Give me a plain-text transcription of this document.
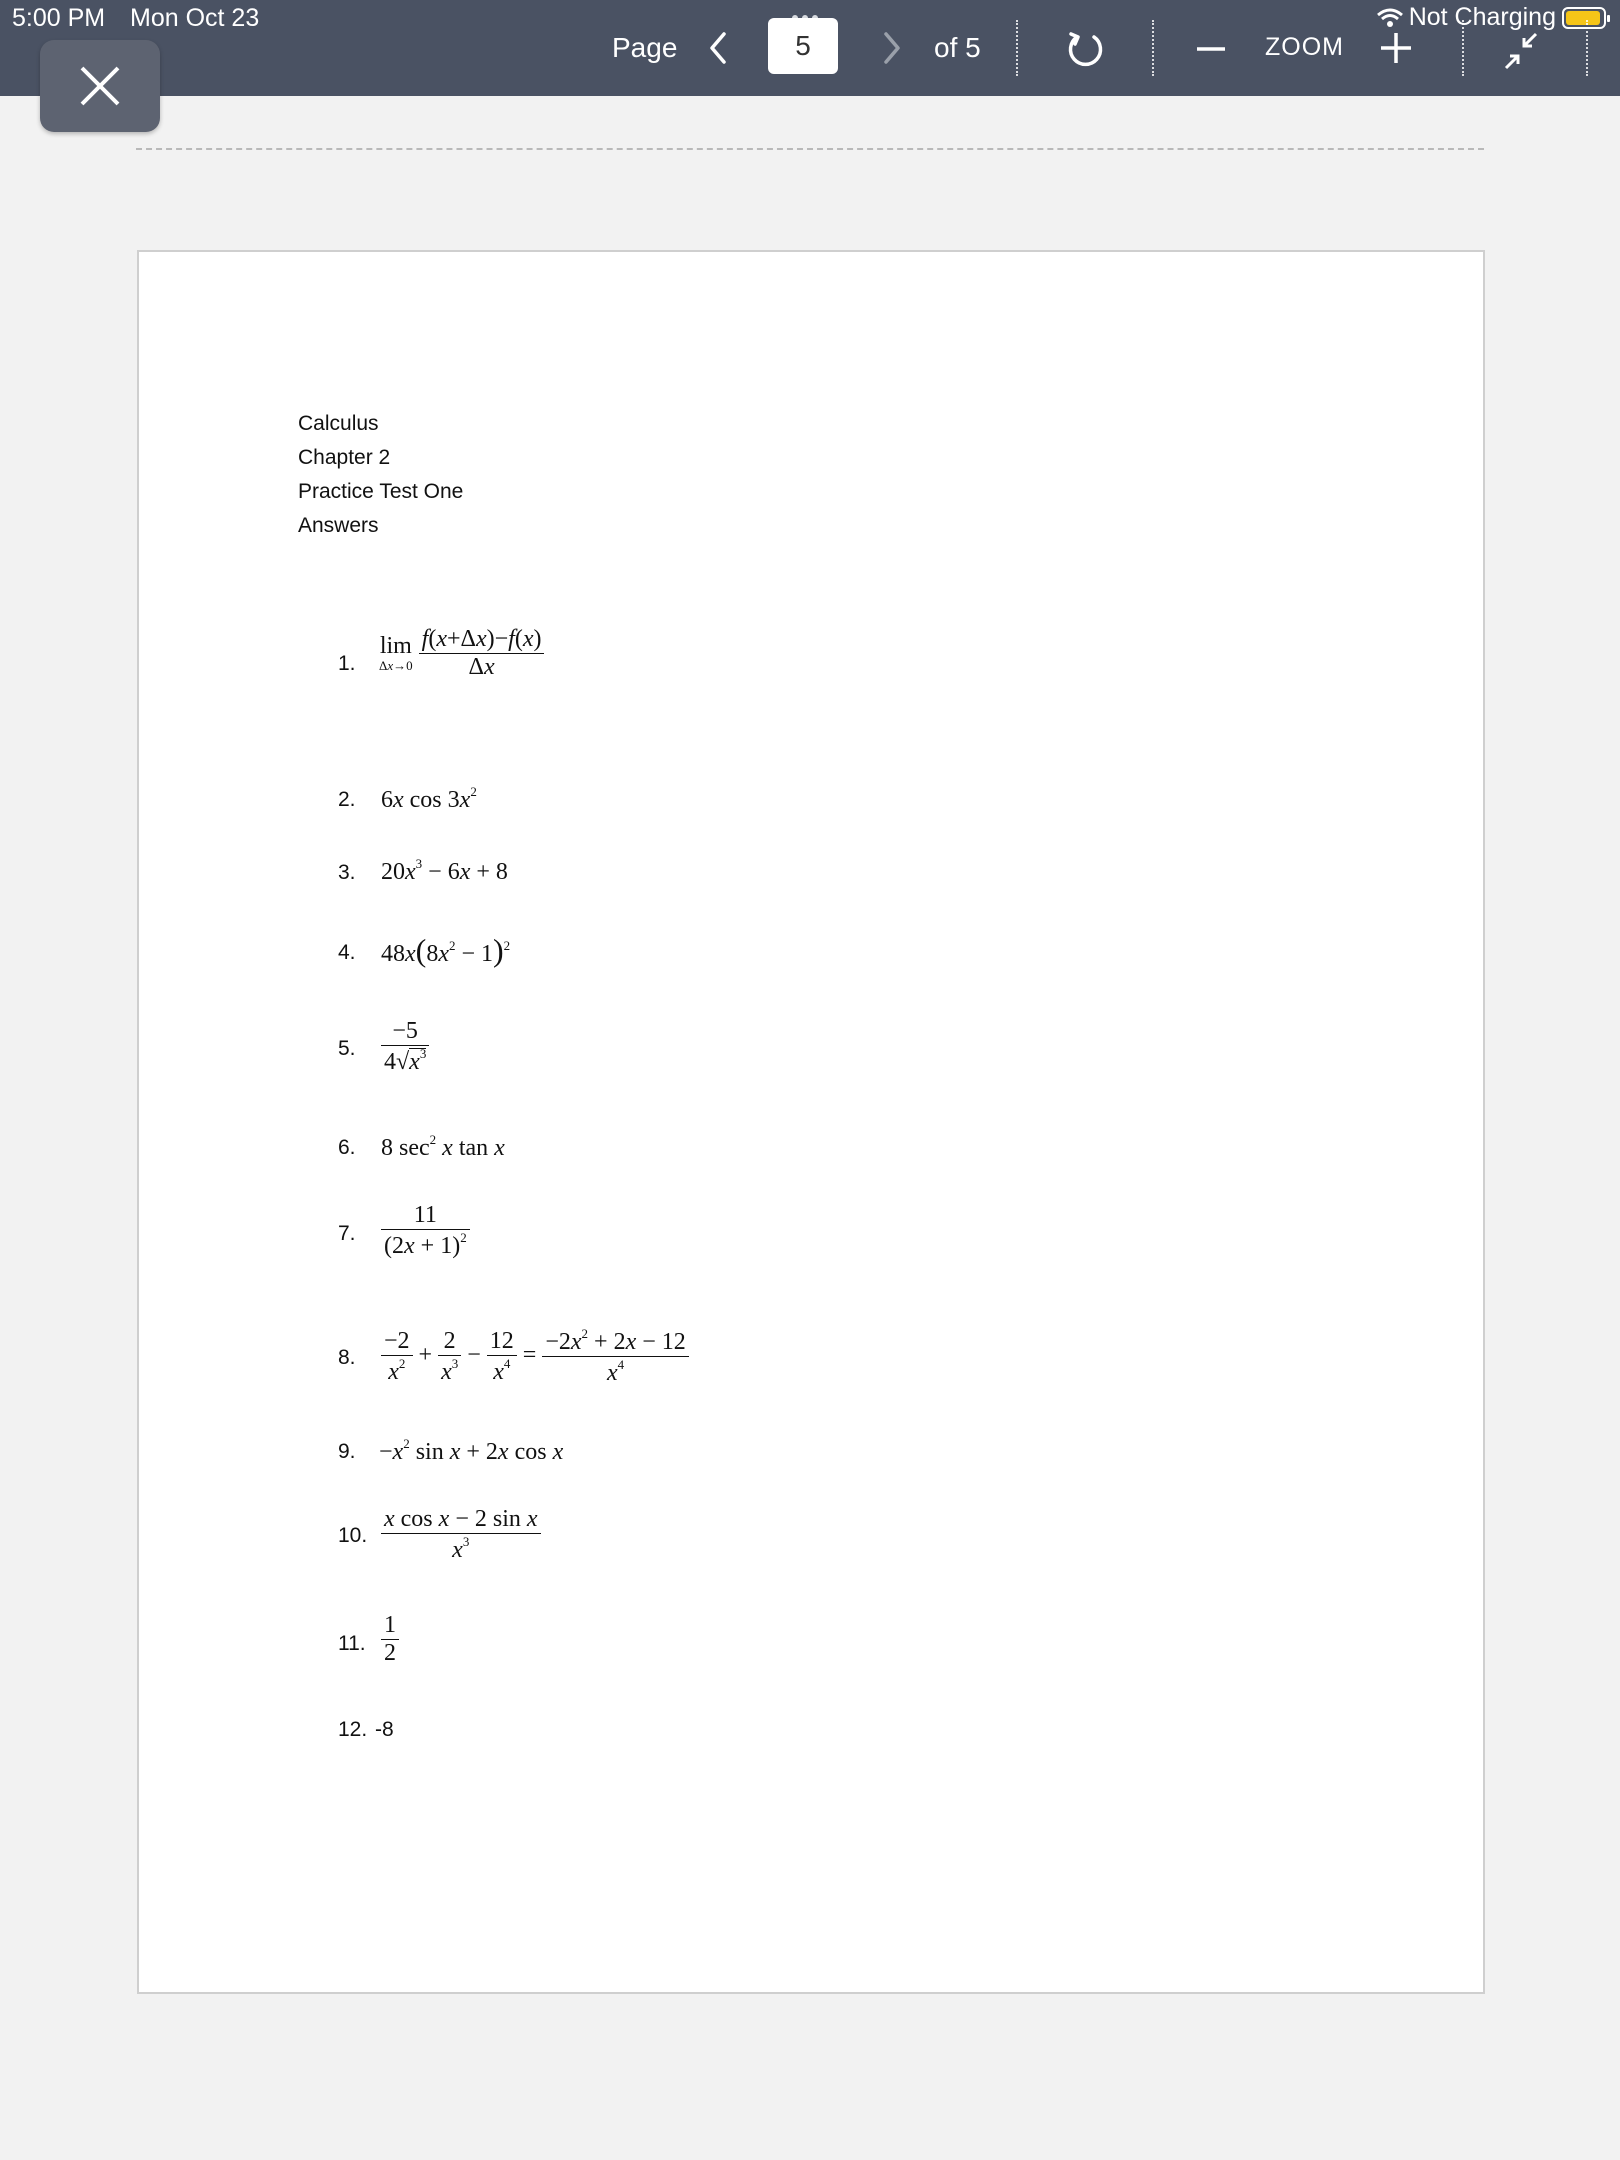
5:00 PM Mon Oct 23	Not Charging
Page
5	of 5	ZOOM
Calculus
Chapter 2
Practice Test One
Answers
1.
lim
Δx→0
$\frac{f(x+\Delta x)-f(x)}{\Delta x}$
2. 6x $\cos 3x^2$
3. $20x^3 - 6x + 8$
4. $48x(8x^2 - 1)^2$
5. $\frac{-5}{4√x^3}$
6. 8 $\sec^2 x$ tan x
7. $\frac{11}{(2x + 1)^2}$
8. $\frac{-2}{x^2} + \frac{2}{x^3} - \frac{12}{x^4} = \frac{-2x^2 + 2x - 12}{x^4}$
9. $-x^2$ sin x + 2x cos x
10. $\frac{\text{x cos x − 2 sin x}}{x^3}$
11. $\frac{1}{2}$
12. -8
